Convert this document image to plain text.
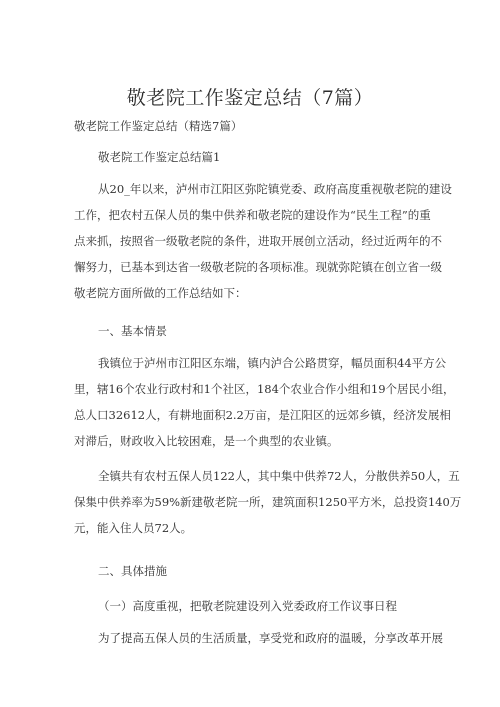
敬老院工作鉴定总结（7篇）
敬老院工作鉴定总结（精选7篇）
敬老院工作鉴定总结篇1
从20_年以来，泸州市江阳区弥陀镇党委、政府高度重视敬老院的建设
工作，把农村五保人员的集中供养和敬老院的建设作为“民生工程”的重
点来抓，按照省一级敬老院的条件，进取开展创立活动，经过近两年的不
懈努力，已基本到达省一级敬老院的各项标准。现就弥陀镇在创立省一级
敬老院方面所做的工作总结如下：
一、基本情景
我镇位于泸州市江阳区东端，镇内泸合公路贯穿，幅员面积44平方公
里，辖16个农业行政村和1个社区，184个农业合作小组和19个居民小组，
总人口32612人，有耕地面积2.2万亩，是江阳区的远郊乡镇，经济发展相
对滞后，财政收入比较困难，是一个典型的农业镇。
全镇共有农村五保人员122人，其中集中供养72人，分散供养50人，五
保集中供养率为59%新建敬老院一所，建筑面积1250平方米，总投资140万
元，能入住人员72人。
二、具体措施
（一）高度重视，把敬老院建设列入党委政府工作议事日程
为了提高五保人员的生活质量，享受党和政府的温暖，分享改革开展
